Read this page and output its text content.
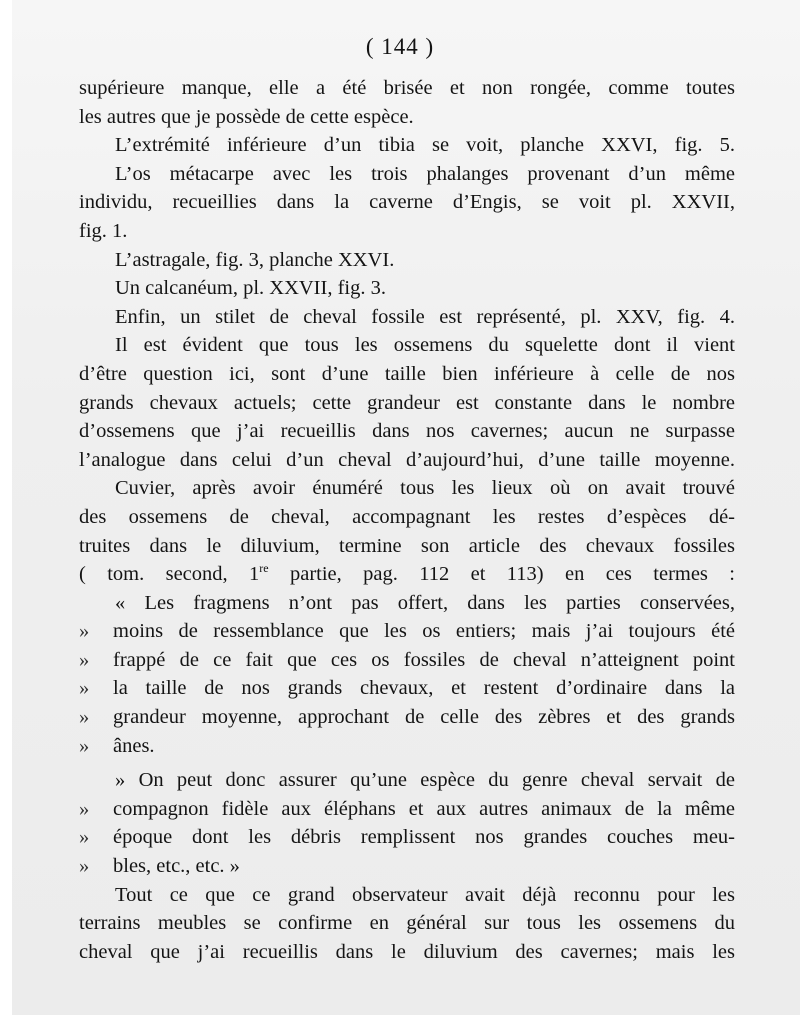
( 144 )
supérieure manque, elle a été brisée et non rongée, comme toutes
les autres que je possède de cette espèce.
L’extrémité inférieure d’un tibia se voit, planche XXVI, fig. 5.
L’os métacarpe avec les trois phalanges provenant d’un même
individu, recueillies dans la caverne d’Engis, se voit pl. XXVII,
fig. 1.
L’astragale, fig. 3, planche XXVI.
Un calcanéum, pl. XXVII, fig. 3.
Enfin, un stilet de cheval fossile est représenté, pl. XXV, fig. 4.
Il est évident que tous les ossemens du squelette dont il vient
d’être question ici, sont d’une taille bien inférieure à celle de nos
grands chevaux actuels; cette grandeur est constante dans le nombre
d’ossemens que j’ai recueillis dans nos cavernes; aucun ne surpasse
l’analogue dans celui d’un cheval d’aujourd’hui, d’une taille moyenne.
Cuvier, après avoir énuméré tous les lieux où on avait trouvé
des ossemens de cheval, accompagnant les restes d’espèces dé-
truites dans le diluvium, termine son article des chevaux fossiles
( tom. second, 1re partie, pag. 112 et 113) en ces termes :
« Les fragmens n’ont pas offert, dans les parties conservées,
»	moins de ressemblance que les os entiers; mais j’ai toujours été
»	frappé de ce fait que ces os fossiles de cheval n’atteignent point
»	la taille de nos grands chevaux, et restent d’ordinaire dans la
»	grandeur moyenne, approchant de celle des zèbres et des grands
»	ânes.
» On peut donc assurer qu’une espèce du genre cheval servait de
»	compagnon fidèle aux éléphans et aux autres animaux de la même
»	époque dont les débris remplissent nos grandes couches meu-
»	bles, etc., etc. »
Tout ce que ce grand observateur avait déjà reconnu pour les
terrains meubles se confirme en général sur tous les ossemens du
cheval que j’ai recueillis dans le diluvium des cavernes; mais les
